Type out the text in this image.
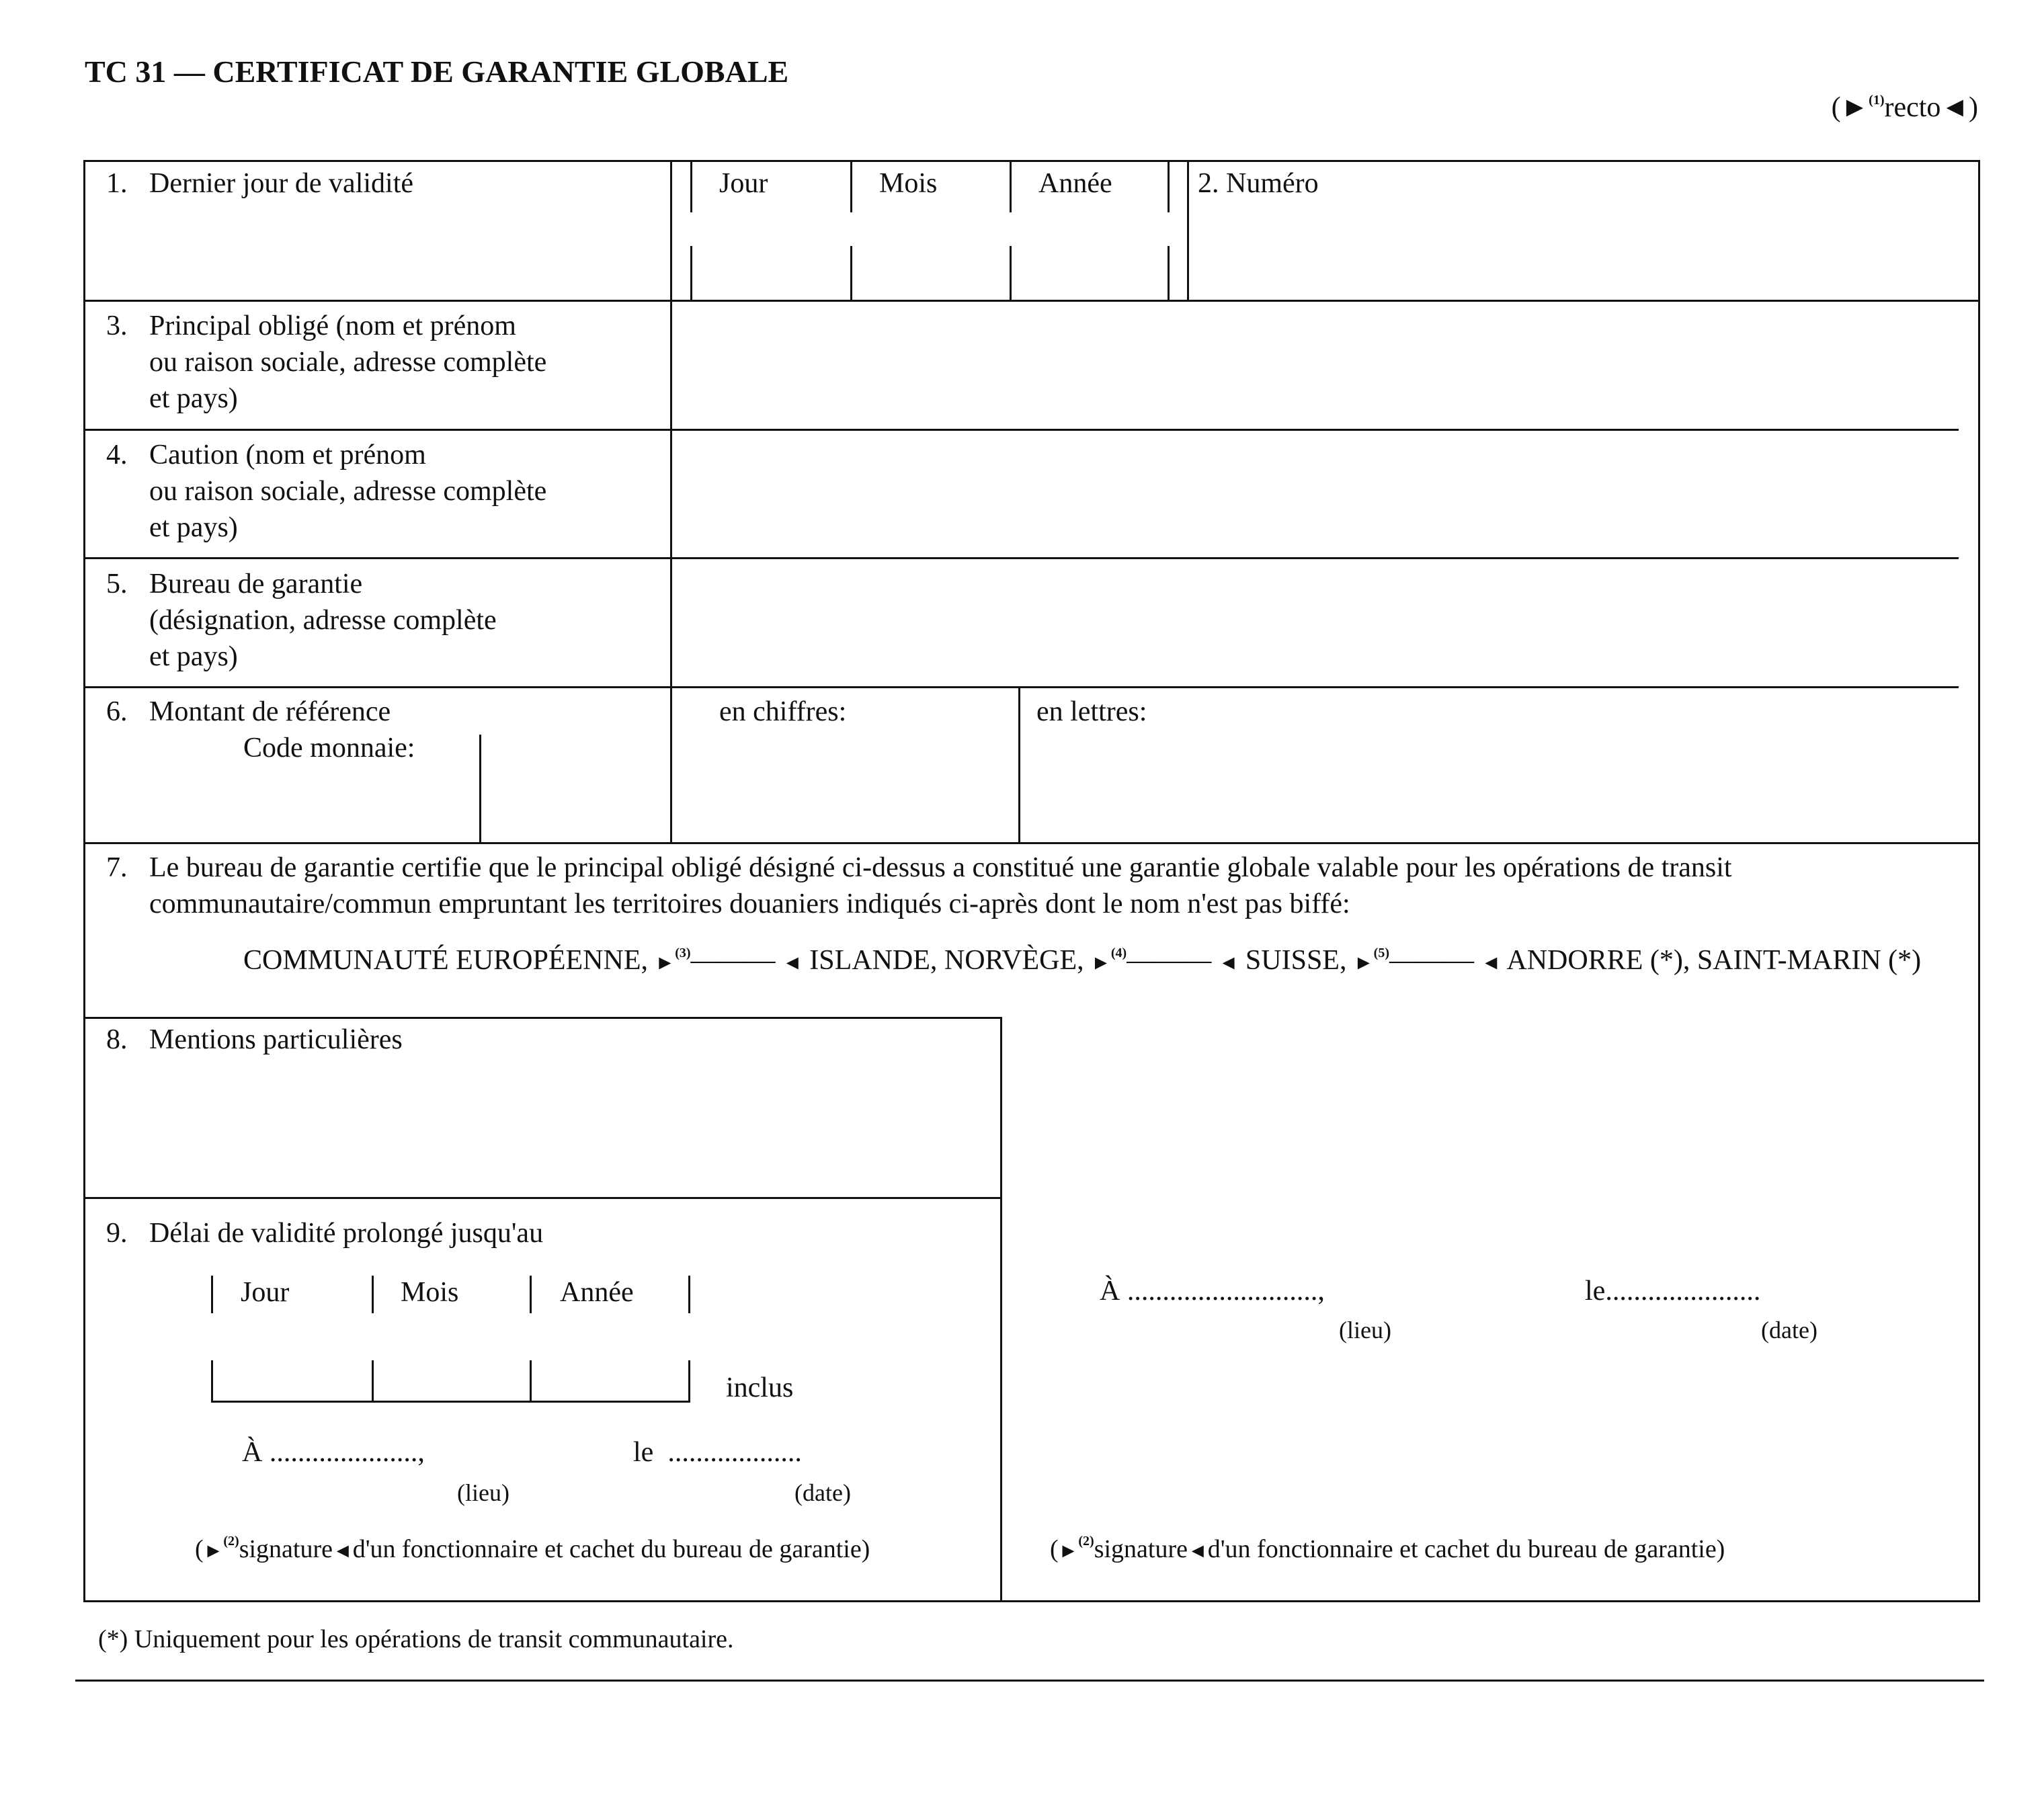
TC 31 — CERTIFICAT DE GARANTIE GLOBALE
(►$^{(1)}$recto◄)
1. Dernier jour de validité	Jour	Mois	Année	2. Numéro
3. Principal obligé (nom et prénom
ou raison sociale, adresse complète
et pays)
4. Caution (nom et prénom
ou raison sociale, adresse complète
et pays)
5. Bureau de garantie
(désignation, adresse complète
et pays)
6. Montant de référence
Code monnaie:
en chiffres:	en lettres:
7. Le bureau de garantie certifie que le principal obligé désigné ci-dessus a constitué une garantie globale valable pour les opérations de transit
communautaire/commun empruntant les territoires douaniers indiqués ci-après dont le nom n'est pas biffé:
COMMUNAUTÉ EUROPÉENNE, ►$^{(3)}$——— ◄ ISLANDE, NORVÈGE, ►$^{(4)}$——— ◄ SUISSE, ►$^{(5)}$——— ◄ ANDORRE (*), SAINT-MARIN (*)
8. Mentions particulières
9. Délai de validité prolongé jusqu'au
Jour	Mois	Année
inclus
À .....................,	le ...................
(lieu)	(date)
(►$^{(2)}$signature◄d'un fonctionnaire et cachet du bureau de garantie)
À ...........................,	le......................
(lieu)	(date)
(►$^{(2)}$signature◄d'un fonctionnaire et cachet du bureau de garantie)
(*) Uniquement pour les opérations de transit communautaire.
